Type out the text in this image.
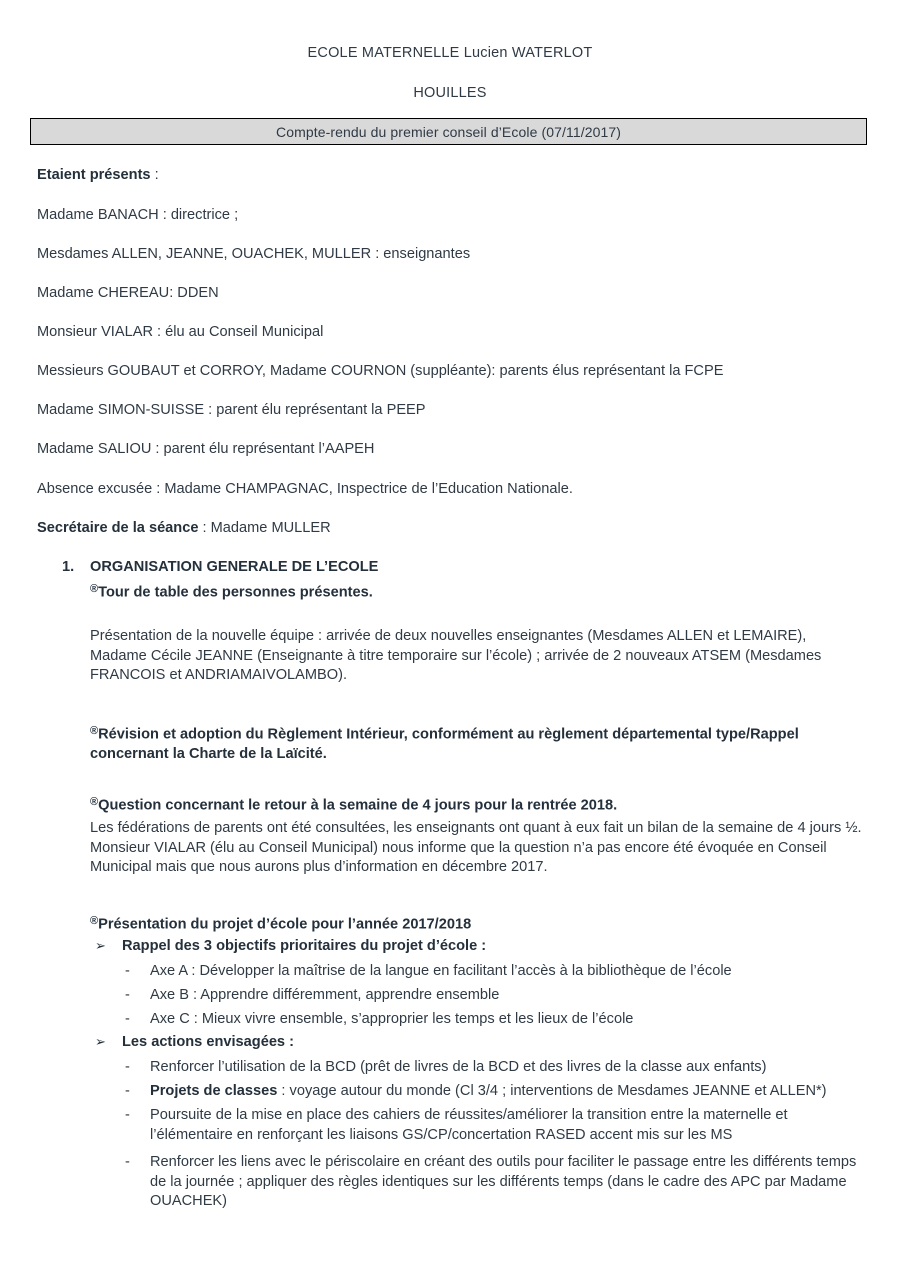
ECOLE MATERNELLE Lucien WATERLOT
HOUILLES
Compte-rendu du premier conseil d’Ecole (07/11/2017)
Etaient présents :
Madame BANACH : directrice ;
Mesdames ALLEN, JEANNE, OUACHEK, MULLER : enseignantes
Madame CHEREAU: DDEN
Monsieur VIALAR : élu au Conseil Municipal
Messieurs GOUBAUT et CORROY, Madame COURNON (suppléante): parents élus représentant la FCPE
Madame SIMON-SUISSE : parent élu représentant la PEEP
Madame SALIOU : parent élu représentant l’AAPEH
Absence excusée : Madame CHAMPAGNAC, Inspectrice de l’Education Nationale.
Secrétaire de la séance : Madame MULLER
1. ORGANISATION GENERALE DE L’ECOLE
®Tour de table des personnes présentes.
Présentation de la nouvelle équipe : arrivée de deux nouvelles enseignantes (Mesdames ALLEN et LEMAIRE), Madame Cécile JEANNE (Enseignante à titre temporaire sur l’école) ; arrivée de 2 nouveaux ATSEM (Mesdames FRANCOIS et ANDRIAMAIVOLAMBO).
®Révision et adoption du Règlement Intérieur, conformément au règlement départemental type/Rappel concernant la Charte de la Laïcité.
®Question concernant le retour à la semaine de 4 jours pour la rentrée 2018.
Les fédérations de parents ont été consultées, les enseignants ont quant à eux fait un bilan de la semaine de 4 jours ½. Monsieur VIALAR (élu au Conseil Municipal) nous informe que la question n’a pas encore été évoquée en Conseil Municipal mais que nous aurons plus d’information en décembre 2017.
®Présentation du projet d’école pour l’année 2017/2018
➢ Rappel des 3 objectifs prioritaires du projet d’école :
-	Axe A : Développer la maîtrise de la langue en facilitant l’accès à la bibliothèque de l’école
-	Axe B : Apprendre différemment, apprendre ensemble
-	Axe C : Mieux vivre ensemble, s’approprier les temps et les lieux de l’école
➢ Les actions envisagées :
-	Renforcer l’utilisation de la BCD (prêt de livres de la BCD et des livres de la classe aux enfants)
-	Projets de classes : voyage autour du monde (Cl 3/4 ; interventions de Mesdames JEANNE et ALLEN*)
-	Poursuite de la mise en place des cahiers de réussites/améliorer la transition entre la maternelle et l’élémentaire en renforçant les liaisons GS/CP/concertation RASED accent mis sur les MS
-	Renforcer les liens avec le périscolaire en créant des outils pour faciliter le passage entre les différents temps de la journée ; appliquer des règles identiques sur les différents temps (dans le cadre des APC par Madame OUACHEK)
